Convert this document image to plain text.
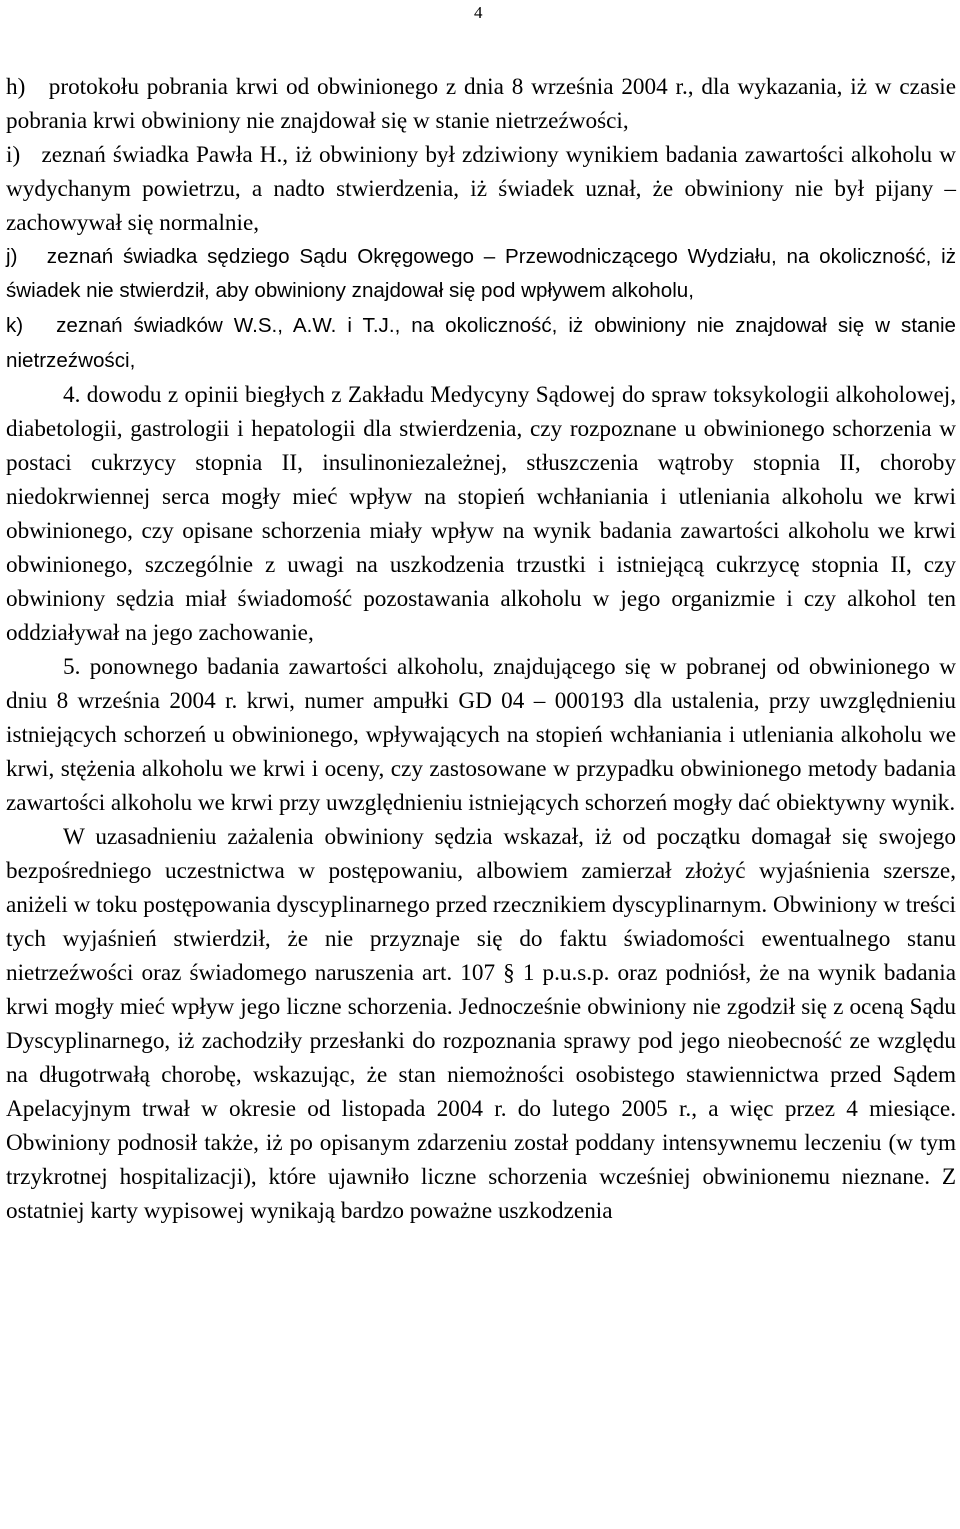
4

h)   protokołu pobrania krwi od obwinionego z dnia 8 września 2004 r., dla wykazania, iż w czasie pobrania krwi obwiniony nie znajdował się w stanie nietrzeźwości,

i)   zeznań świadka Pawła H., iż obwiniony był zdziwiony wynikiem badania zawartości alkoholu w wydychanym powietrzu, a nadto stwierdzenia, iż świadek uznał, że obwiniony nie był pijany – zachowywał się normalnie,

j)   zeznań świadka sędziego Sądu Okręgowego – Przewodniczącego Wydziału, na okoliczność, iż świadek nie stwierdził, aby obwiniony znajdował się pod wpływem alkoholu,

k)   zeznań świadków W.S., A.W. i T.J., na okoliczność, iż obwiniony nie znajdował się w stanie nietrzeźwości,

4. dowodu z opinii biegłych z Zakładu Medycyny Sądowej do spraw toksykologii alkoholowej, diabetologii, gastrologii i hepatologii dla stwierdzenia, czy rozpoznane u obwinionego schorzenia w postaci cukrzycy stopnia II, insulinoniezależnej, stłuszczenia wątroby stopnia II, choroby niedokrwiennej serca mogły mieć wpływ na stopień wchłaniania i utleniania alkoholu we krwi obwinionego, czy opisane schorzenia miały wpływ na wynik badania zawartości alkoholu we krwi obwinionego, szczególnie z uwagi na uszkodzenia trzustki i istniejącą cukrzycę stopnia II, czy obwiniony sędzia miał świadomość pozostawania alkoholu w jego organizmie i czy alkohol ten oddziaływał na jego zachowanie,

5. ponownego badania zawartości alkoholu, znajdującego się w pobranej od obwinionego w dniu 8 września 2004 r. krwi, numer ampułki GD 04 – 000193 dla ustalenia, przy uwzględnieniu istniejących schorzeń u obwinionego, wpływających na stopień wchłaniania i utleniania alkoholu we krwi, stężenia alkoholu we krwi i oceny, czy zastosowane w przypadku obwinionego metody badania zawartości alkoholu we krwi przy uwzględnieniu istniejących schorzeń mogły dać obiektywny wynik.

W uzasadnieniu zażalenia obwiniony sędzia wskazał, iż od początku domagał się swojego bezpośredniego uczestnictwa w postępowaniu, albowiem zamierzał złożyć wyjaśnienia szersze, aniżeli w toku postępowania dyscyplinarnego przed rzecznikiem dyscyplinarnym. Obwiniony w treści tych wyjaśnień stwierdził, że nie przyznaje się do faktu świadomości ewentualnego stanu nietrzeźwości oraz świadomego naruszenia art. 107 § 1 p.u.s.p. oraz podniósł, że na wynik badania krwi mogły mieć wpływ jego liczne schorzenia. Jednocześnie obwiniony nie zgodził się z oceną Sądu Dyscyplinarnego, iż zachodziły przesłanki do rozpoznania sprawy pod jego nieobecność ze względu na długotrwałą chorobę, wskazując, że stan niemożności osobistego stawiennictwa przed Sądem Apelacyjnym trwał w okresie od listopada 2004 r. do lutego 2005 r., a więc przez 4 miesiące. Obwiniony podnosił także, iż po opisanym zdarzeniu został poddany intensywnemu leczeniu (w tym trzykrotnej hospitalizacji), które ujawniło liczne schorzenia wcześniej obwinionemu nieznane. Z ostatniej karty wypisowej wynikają bardzo poważne uszkodzenia
